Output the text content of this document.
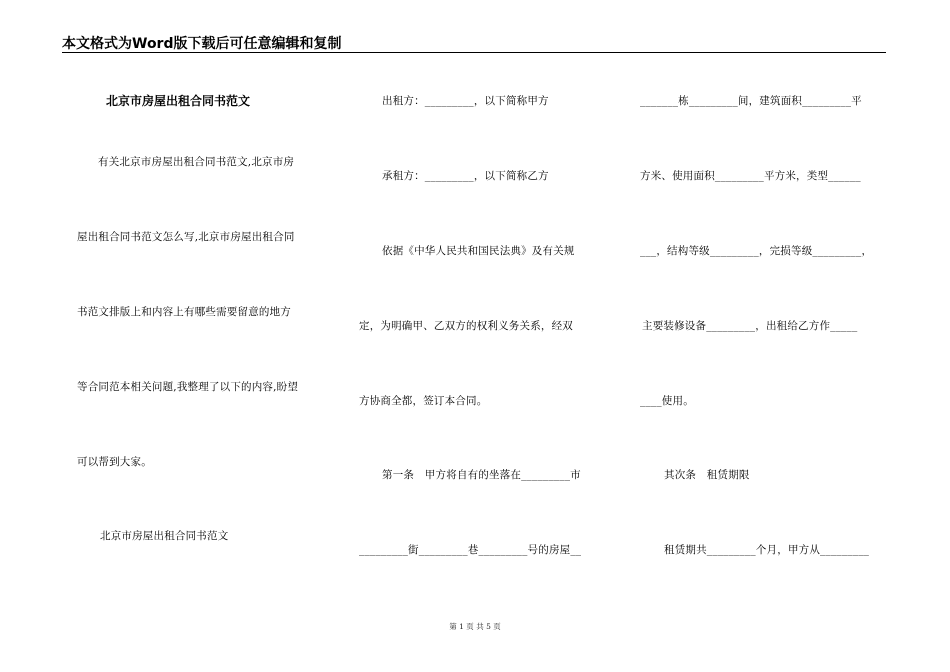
本文格式为Word版下载后可任意编辑和复制
北京市房屋出租合同书范文
有关北京市房屋出租合同书范文,北京市房
屋出租合同书范文怎么写,北京市房屋出租合同
书范文排版上和内容上有哪些需要留意的地方
等合同范本相关问题,我整理了以下的内容,盼望
可以帮到大家。
北京市房屋出租合同书范文
出租方：_________，以下简称甲方
承租方：_________，以下简称乙方
依据《中华人民共和国民法典》及有关规
定，为明确甲、乙双方的权利义务关系，经双
方协商全都，签订本合同。
第一条　甲方将自有的坐落在_________市
_________街_________巷_________号的房屋__
_______栋_________间，建筑面积_________平
方米、使用面积_________平方米，类型______
___，结构等级_________，完损等级_________，
主要装修设备_________，出租给乙方作_____
____使用。
其次条　租赁期限
租赁期共_________个月，甲方从_________
第 1 页 共 5 页
